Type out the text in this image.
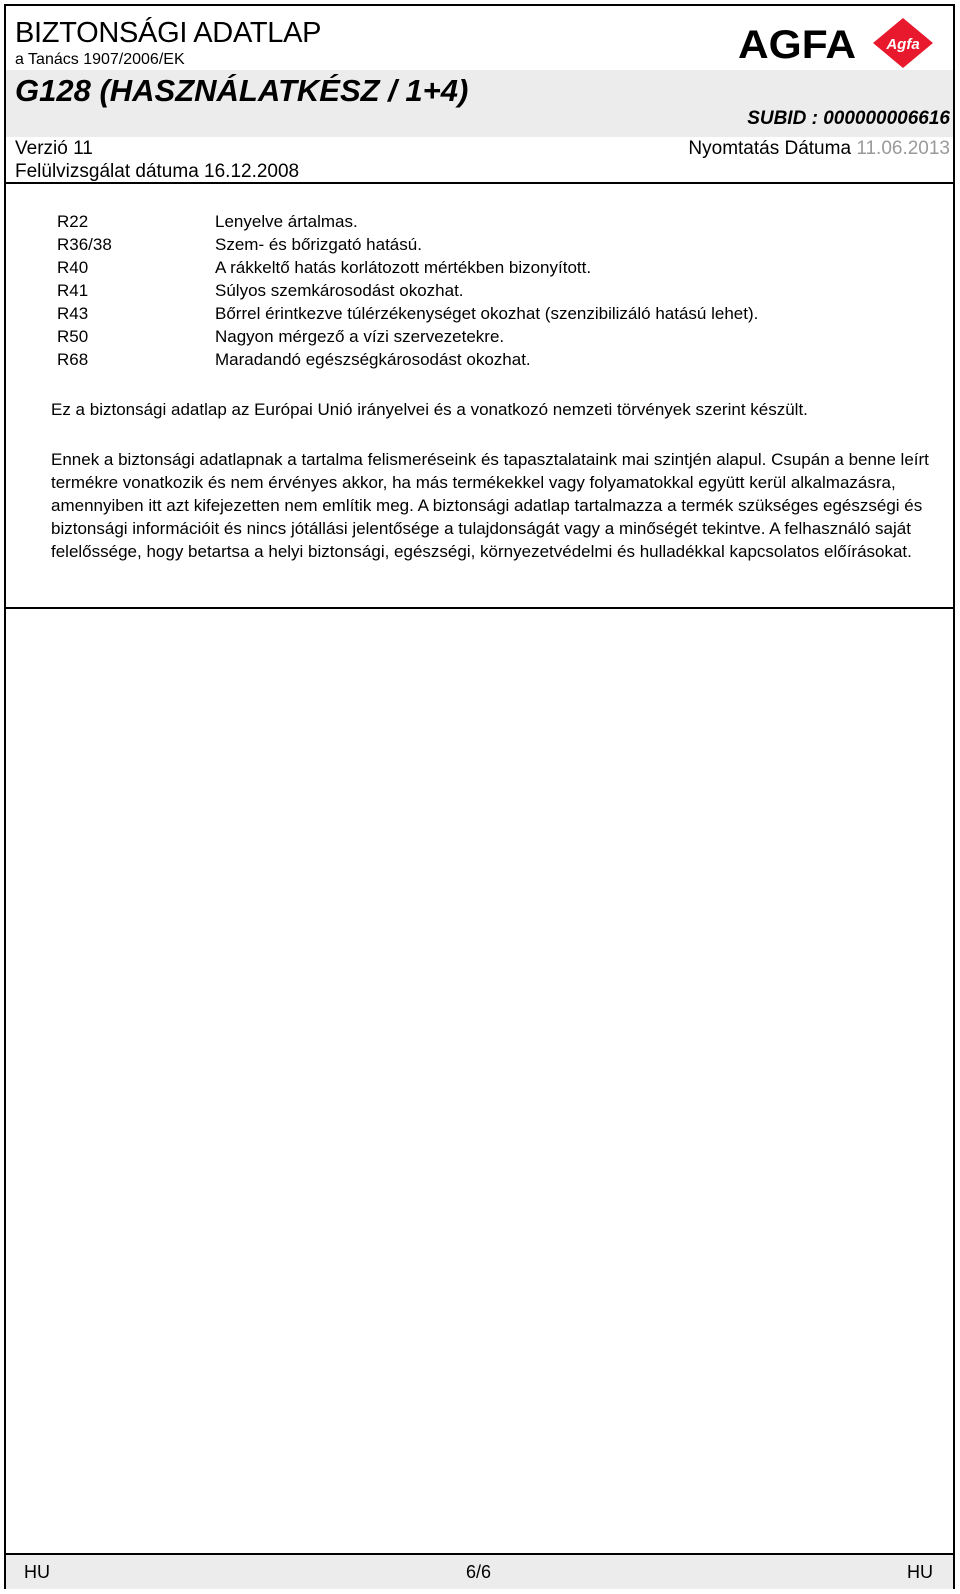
BIZTONSÁGI ADATLAP
a Tanács 1907/2006/EK
G128 (HASZNÁLATKÉSZ / 1+4)
SUBID : 000000006616
Verzió 11	Nyomtatás Dátuma 11.06.2013
Felülvizsgálat dátuma 16.12.2008
AGFA Agfa
R22	Lenyelve ártalmas.
R36/38	Szem- és bőrizgató hatású.
R40	A rákkeltő hatás korlátozott mértékben bizonyított.
R41	Súlyos szemkárosodást okozhat.
R43	Bőrrel érintkezve túlérzékenységet okozhat (szenzibilizáló hatású lehet).
R50	Nagyon mérgező a vízi szervezetekre.
R68	Maradandó egészségkárosodást okozhat.

Ez a biztonsági adatlap az Európai Unió irányelvei és a vonatkozó nemzeti törvények szerint készült.

Ennek a biztonsági adatlapnak a tartalma felismeréseink és tapasztalataink mai szintjén alapul. Csupán a benne leírt termékre vonatkozik és nem érvényes akkor, ha más termékekkel vagy folyamatokkal együtt kerül alkalmazásra, amennyiben itt azt kifejezetten nem említik meg. A biztonsági adatlap tartalmazza a termék szükséges egészségi és biztonsági információit és nincs jótállási jelentősége a tulajdonságát vagy a minőségét tekintve. A felhasználó saját felelőssége, hogy betartsa a helyi biztonsági, egészségi, környezetvédelmi és hulladékkal kapcsolatos előírásokat.

HU	6/6	HU
